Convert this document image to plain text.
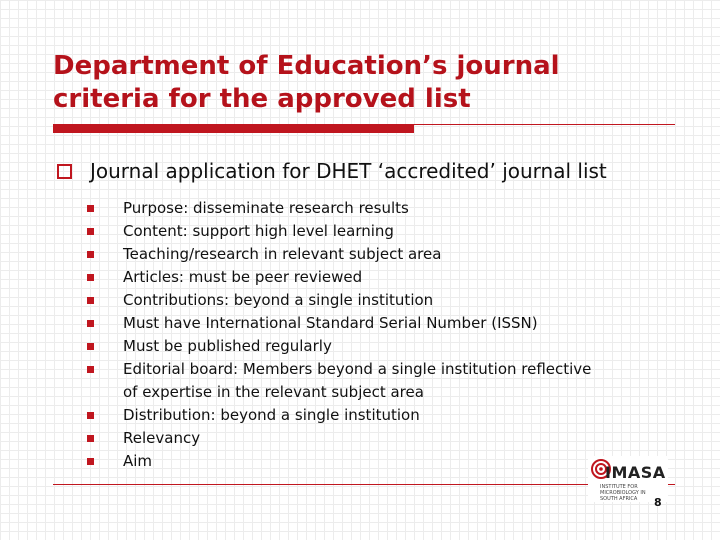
Department of Education’s journal criteria for the approved list
Journal application for DHET ‘accredited’ journal list
Purpose: disseminate research results
Content: support high level learning
Teaching/research in relevant subject area
Articles: must be peer reviewed
Contributions: beyond a single institution
Must have International Standard Serial Number (ISSN)
Must be published regularly
Editorial board: Members beyond a single institution reflective of expertise in the relevant subject area
Distribution: beyond a single institution
Relevancy
Aim
IMASA
INSTITUTE FOR MICROBIOLOGY IN SOUTH AFRICA	8
